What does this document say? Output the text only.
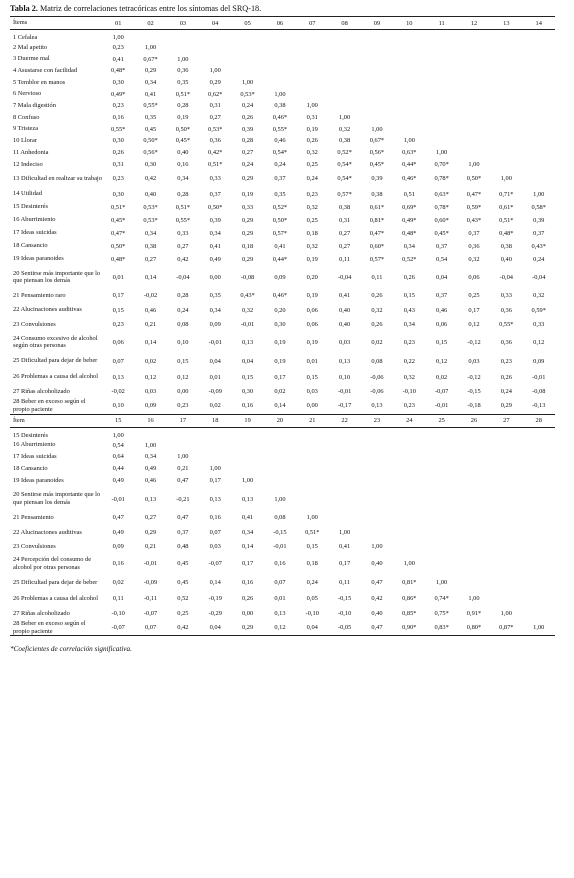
Tabla 2. Matriz de correlaciones tetracóricas entre los síntomas del SRQ-18.
Ítems	01	02	03	04	05	06	07	08	09	10	11	12	13	14
1 Cefalea	1,00													
2 Mal apetito	0,23	1,00												
3 Duerme mal	0,41	0,67*	1,00											
4 Asustarse con facilidad	0,48*	0,29	0,36	1,00										
5 Temblor en manos	0,30	0,34	0,35	0,29	1,00									
6 Nervioso	0,49*	0,41	0,51*	0,62*	0,53*	1,00								
7 Mala digestión	0,23	0,55*	0,28	0,31	0,24	0,38	1,00							
8 Confuso	0,16	0,35	0,19	0,27	0,26	0,46*	0,31	1,00						
9 Tristeza	0,55*	0,45	0,50*	0,53*	0,39	0,55*	0,19	0,32	1,00					
10 Llorar	0,30	0,50*	0,45*	0,36	0,28	0,46	0,26	0,38	0,67*	1,00				
11 Anhedonia	0,26	0,56*	0,40	0,42*	0,27	0,54*	0,32	0,52*	0,56*	0,63*	1,00			
12 Indeciso	0,31	0,30	0,16	0,51*	0,24	0,24	0,25	0,54*	0,45*	0,44*	0,70*	1,00		
13 Dificultad en realizar su trabajo	0,23	0,42	0,34	0,33	0,29	0,37	0,24	0,54*	0,39	0,46*	0,78*	0,50*	1,00	
14 Utilidad	0,30	0,40	0,28	0,37	0,19	0,35	0,23	0,57*	0,38	0,51	0,63*	0,47*	0,71*	1,00
15 Desinterés	0,51*	0,53*	0,51*	0,50*	0,33	0,52*	0,32	0,38	0,61*	0,69*	0,78*	0,59*	0,61*	0,58*
16 Aburrimiento	0,45*	0,53*	0,55*	0,39	0,29	0,50*	0,25	0,31	0,81*	0,49*	0,60*	0,43*	0,51*	0,39
17 Ideas suicidas	0,47*	0,34	0,33	0,34	0,29	0,57*	0,18	0,27	0,47*	0,48*	0,45*	0,37	0,48*	0,37
18 Cansancio	0,50*	0,38	0,27	0,41	0,18	0,41	0,32	0,27	0,60*	0,34	0,37	0,36	0,38	0,43*
19 Ideas paranoides	0,48*	0,27	0,42	0,49	0,29	0,44*	0,19	0,11	0,57*	0,52*	0,54	0,32	0,40	0,24
20 Sentirse más importante que lo que piensan los demás	0,01	0,14	-0,04	0,00	-0,08	0,09	0,20	-0,04	0,11	0,26	0,04	0,06	-0,04	-0,04
21 Pensamiento raro	0,17	-0,02	0,28	0,35	0,43*	0,46*	0,19	0,41	0,26	0,15	0,37	0,25	0,33	0,32
22 Alucinaciones auditivas	0,15	0,46	0,24	0,34	0,32	0,20	0,06	0,40	0,32	0,43	0,46	0,17	0,36	0,59*
23 Convulsiones	0,23	0,21	0,08	0,09	-0,01	0,30	0,06	0,40	0,26	0,34	0,06	0,12	0,55*	0,33
24 Consumo excesivo de alcohol según otras personas	0,06	0,14	0,10	-0,01	0,13	0,19	0,19	0,03	0,02	0,23	0,15	-0,12	0,36	0,12
25 Dificultad para dejar de beber	0,07	0,02	0,15	0,04	0,04	0,19	0,01	0,13	0,08	0,22	0,12	0,03	0,23	0,09
26 Problemas a causa del alcohol	0,13	0,12	0,12	0,01	0,15	0,17	0,15	0,10	-0,06	0,32	0,02	-0,12	0,26	-0,01
27 Riñas alcoholizado	-0,02	0,03	0,00	-0,09	0,30	0,02	0,03	-0,01	-0,06	-0,10	-0,07	-0,15	0,24	-0,08
28 Beber en exceso según el propio paciente	0,10	0,09	0,23	0,02	0,16	0,14	0,00	-0,17	0,13	0,23	-0,01	-0,18	0,29	-0,13
Ítem	15	16	17	18	19	20	21	22	23	24	25	26	27	28
15 Desinterés	1,00													
16 Aburrimiento	0,54	1,00												
17 Ideas suicidas	0,64	0,34	1,00											
18 Cansancio	0,44	0,49	0,21	1,00										
19 Ideas paranoides	0,49	0,46	0,47	0,17	1,00									
20 Sentirse más importante que lo que piensan los demás	-0,01	0,13	-0,21	0,13	0,13	1,00								
21 Pensamiento	0,47	0,27	0,47	0,16	0,41	0,08	1,00							
22 Alucinaciones auditivas	0,49	0,29	0,37	0,07	0,34	-0,15	0,51*	1,00						
23 Convulsiones	0,09	0,21	0,48	0,03	0,14	-0,01	0,15	0,41	1,00					
24 Percepción del consumo de alcohol por otras personas	0,16	-0,01	0,45	-0,07	0,17	0,16	0,18	0,17	0,40	1,00				
25 Dificultad para dejar de beber	0,02	-0,09	0,45	0,14	0,16	0,07	0,24	0,11	0,47	0,81*	1,00			
26 Problemas a causa del alcohol	0,11	-0,11	0,52	-0,19	0,26	0,01	0,05	-0,15	0,42	0,86*	0,74*	1,00		
27 Riñas alcoholizado	-0,10	-0,07	0,25	-0,29	0,00	0,13	-0,10	-0,10	0,40	0,85*	0,75*	0,91*	1,00	
28 Beber en exceso según el propio paciente	-0,07	0,07	0,42	0,04	0,29	0,12	0,04	-0,05	0,47	0,90*	0,83*	0,80*	0,87*	1,00
*Coeficientes de correlación significativa.
